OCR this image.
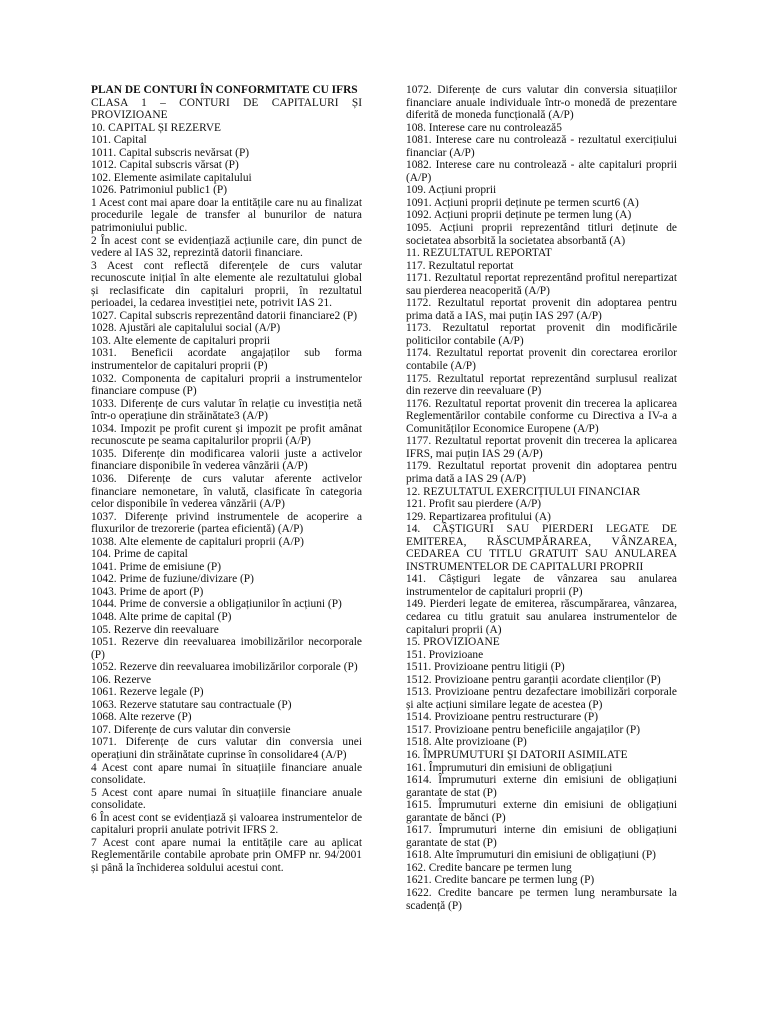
PLAN DE CONTURI ÎN CONFORMITATE CU IFRS

CLASA 1 – CONTURI DE CAPITALURI ȘI PROVIZIOANE

10. CAPITAL ȘI REZERVE

101. Capital

1011. Capital subscris nevărsat (P)

1012. Capital subscris vărsat (P)

102. Elemente asimilate capitalului

1026. Patrimoniul public1 (P)

1 Acest cont mai apare doar la entitățile care nu au finalizat procedurile legale de transfer al bunurilor de natura patrimoniului public.

2 În acest cont se evidențiază acțiunile care, din punct de vedere al IAS 32, reprezintă datorii financiare.

3 Acest cont reflectă diferențele de curs valutar recunoscute inițial în alte elemente ale rezultatului global și reclasificate din capitaluri proprii, în rezultatul perioadei, la cedarea investiției nete, potrivit IAS 21.

1027. Capital subscris reprezentând datorii financiare2 (P)

1028. Ajustări ale capitalului social (A/P)

103. Alte elemente de capitaluri proprii

1031. Beneficii acordate angajaților sub forma instrumentelor de capitaluri proprii (P)

1032. Componenta de capitaluri proprii a instrumentelor financiare compuse (P)

1033. Diferențe de curs valutar în relație cu investiția netă într-o operațiune din străinătate3 (A/P)

1034. Impozit pe profit curent și impozit pe profit amânat recunoscute pe seama capitalurilor proprii (A/P)

1035. Diferențe din modificarea valorii juste a activelor financiare disponibile în vederea vânzării (A/P)

1036. Diferențe de curs valutar aferente activelor financiare nemonetare, în valută, clasificate în categoria celor disponibile în vederea vânzării (A/P)

1037. Diferențe privind instrumentele de acoperire a fluxurilor de trezorerie (partea eficientă) (A/P)

1038. Alte elemente de capitaluri proprii (A/P)

104. Prime de capital

1041. Prime de emisiune (P)

1042. Prime de fuziune/divizare (P)

1043. Prime de aport (P)

1044. Prime de conversie a obligațiunilor în acțiuni (P)

1048. Alte prime de capital (P)

105. Rezerve din reevaluare

1051. Rezerve din reevaluarea imobilizărilor necorporale (P)

1052. Rezerve din reevaluarea imobilizărilor corporale (P)

106. Rezerve

1061. Rezerve legale (P)

1063. Rezerve statutare sau contractuale (P)

1068. Alte rezerve (P)

107. Diferențe de curs valutar din conversie

1071. Diferențe de curs valutar din conversia unei operațiuni din străinătate cuprinse în consolidare4 (A/P)

4 Acest cont apare numai în situațiile financiare anuale consolidate.

5 Acest cont apare numai în situațiile financiare anuale consolidate.

6 În acest cont se evidențiază și valoarea instrumentelor de capitaluri proprii anulate potrivit IFRS 2.

7 Acest cont apare numai la entitățile care au aplicat Reglementările contabile aprobate prin OMFP nr. 94/2001 și până la închiderea soldului acestui cont.

1072. Diferențe de curs valutar din conversia situațiilor financiare anuale individuale într-o monedă de prezentare diferită de moneda funcțională (A/P)

108. Interese care nu controlează5

1081. Interese care nu controlează - rezultatul exercițiului financiar (A/P)

1082. Interese care nu controlează - alte capitaluri proprii (A/P)

109. Acțiuni proprii

1091. Acțiuni proprii deținute pe termen scurt6 (A)

1092. Acțiuni proprii deținute pe termen lung (A)

1095. Acțiuni proprii reprezentând titluri deținute de societatea absorbită la societatea absorbantă (A)

11. REZULTATUL REPORTAT

117. Rezultatul reportat

1171. Rezultatul reportat reprezentând profitul nerepartizat sau pierderea neacoperită (A/P)

1172. Rezultatul reportat provenit din adoptarea pentru prima dată a IAS, mai puțin IAS 297 (A/P)

1173. Rezultatul reportat provenit din modificările politicilor contabile (A/P)

1174. Rezultatul reportat provenit din corectarea erorilor contabile (A/P)

1175. Rezultatul reportat reprezentând surplusul realizat din rezerve din reevaluare (P)

1176. Rezultatul reportat provenit din trecerea la aplicarea Reglementărilor contabile conforme cu Directiva a IV-a a Comunităților Economice Europene (A/P)

1177. Rezultatul reportat provenit din trecerea la aplicarea IFRS, mai puțin IAS 29 (A/P)

1179. Rezultatul reportat provenit din adoptarea pentru prima dată a IAS 29 (A/P)

12. REZULTATUL EXERCIȚIULUI FINANCIAR

121. Profit sau pierdere (A/P)

129. Repartizarea profitului (A)

14. CÂȘTIGURI SAU PIERDERI LEGATE DE EMITEREA, RĂSCUMPĂRAREA, VÂNZAREA, CEDAREA CU TITLU GRATUIT SAU ANULAREA INSTRUMENTELOR DE CAPITALURI PROPRII

141. Câștiguri legate de vânzarea sau anularea instrumentelor de capitaluri proprii (P)

149. Pierderi legate de emiterea, răscumpărarea, vânzarea, cedarea cu titlu gratuit sau anularea instrumentelor de capitaluri proprii (A)

15. PROVIZIOANE

151. Provizioane

1511. Provizioane pentru litigii (P)

1512. Provizioane pentru garanții acordate clienților (P)

1513. Provizioane pentru dezafectare imobilizări corporale și alte acțiuni similare legate de acestea (P)

1514. Provizioane pentru restructurare (P)

1517. Provizioane pentru beneficiile angajaților (P)

1518. Alte provizioane (P)

16. ÎMPRUMUTURI ȘI DATORII ASIMILATE

161. Împrumuturi din emisiuni de obligațiuni

1614. Împrumuturi externe din emisiuni de obligațiuni garantate de stat (P)

1615. Împrumuturi externe din emisiuni de obligațiuni garantate de bănci (P)

1617. Împrumuturi interne din emisiuni de obligațiuni garantate de stat (P)

1618. Alte împrumuturi din emisiuni de obligațiuni (P)

162. Credite bancare pe termen lung

1621. Credite bancare pe termen lung (P)

1622. Credite bancare pe termen lung nerambursate la scadență (P)
